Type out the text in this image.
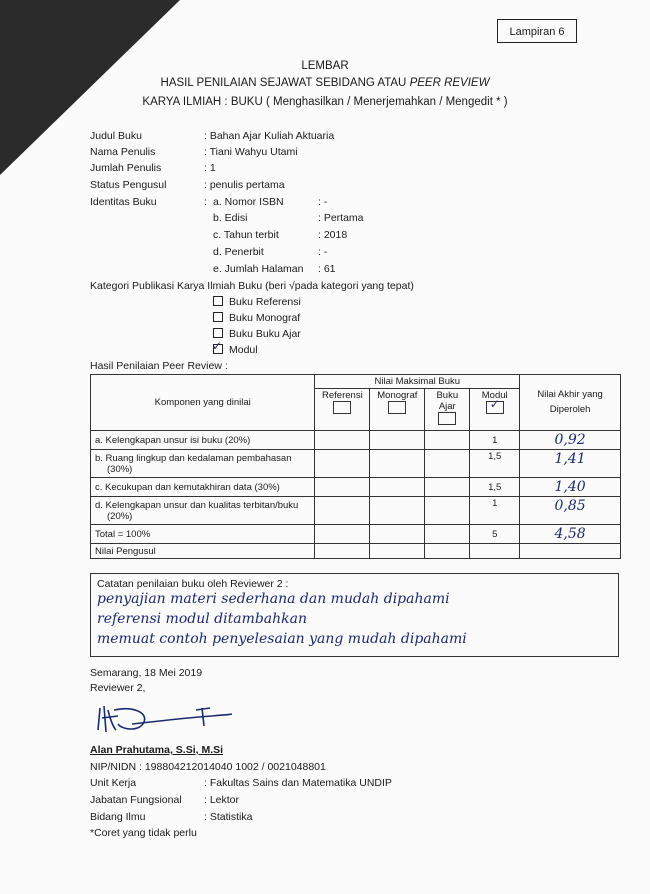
Lampiran 6
LEMBAR
HASIL PENILAIAN SEJAWAT SEBIDANG ATAU PEER REVIEW
KARYA ILMIAH : BUKU ( Menghasilkan / Menerjemahkan / Mengedit * )
Judul Buku	: Bahan Ajar Kuliah Aktuaria
Nama Penulis	: Tiani Wahyu Utami
Jumlah Penulis	: 1
Status Pengusul	: penulis pertama
Identitas Buku	: a. Nomor ISBN	: -
b. Edisi	: Pertama
c. Tahun terbit	: 2018
d. Penerbit	: -
e. Jumlah Halaman : 61
Kategori Publikasi Karya Ilmiah Buku (beri √pada kategori yang tepat)
Buku Referensi
Buku Monograf
Buku Buku Ajar
✓ Modul
Hasil Penilaian Peer Review :
Komponen yang dinilai	Nilai Maksimal Buku				Nilai Akhir yang Diperoleh

	Referensi	Monograf	Buku Ajar	Modul
✓	

a. Kelengkapan unsur isi buku (20%)				1	0,92
b. Ruang lingkup dan kedalaman pembahasan (30%)				1,5	1,41
c. Kecukupan dan kemutakhiran data (30%)				1,5	1,40
d. Kelengkapan unsur dan kualitas terbitan/buku (20%)				1	0,85
Total = 100%				5	4,58
Nilai Pengusul					
Catatan penilaian buku oleh Reviewer 2 :
penyajian materi sederhana dan mudah dipahami
referensi modul ditambahkan
memuat contoh penyelesaian yang mudah dipahami
Semarang, 18 Mei 2019
Reviewer 2,
Alan Prahutama, S.Si, M.Si
NIP/NIDN : 198804212014040 1002 / 0021048801
Unit Kerja	: Fakultas Sains dan Matematika UNDIP
Jabatan Fungsional : Lektor
Bidang Ilmu	: Statistika
*Coret yang tidak perlu
